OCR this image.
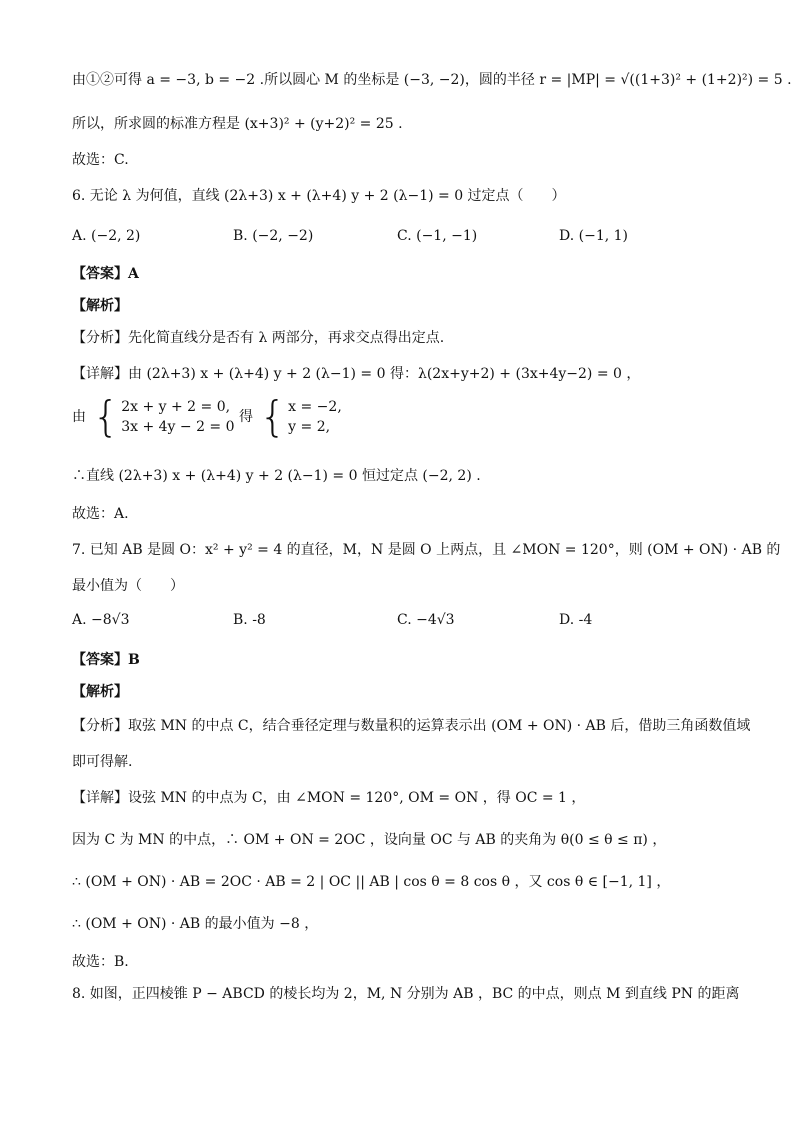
由①②可得 a = −3, b = −2 .所以圆心 M 的坐标是 (−3, −2)，圆的半径 r = |MP| = √((1+3)² + (1+2)²) = 5 .
所以，所求圆的标准方程是 (x+3)² + (y+2)² = 25 .
故选：C.
6. 无论 λ 为何值，直线 (2λ+3) x + (λ+4) y + 2 (λ−1) = 0 过定点（　　）
A. (−2, 2)	B. (−2, −2)	C. (−1, −1)	D. (−1, 1)
【答案】A
【解析】
【分析】先化简直线分是否有 λ 两部分，再求交点得出定点.
【详解】由 (2λ+3) x + (λ+4) y + 2 (λ−1) = 0 得：λ(2x+y+2) + (3x+4y−2) = 0 ，
由 { 2x + y + 2 = 0,
3x + 4y − 2 = 0
得 { x = −2,
y = 2,
∴直线 (2λ+3) x + (λ+4) y + 2 (λ−1) = 0 恒过定点 (−2, 2) .
故选：A.
7. 已知 AB 是圆 O：x² + y² = 4 的直径，M，N 是圆 O 上两点，且 ∠MON = 120°，则 (OM + ON) · AB 的
最小值为（　　）
A. −8√3	B. -8	C. −4√3	D. -4
【答案】B
【解析】
【分析】取弦 MN 的中点 C，结合垂径定理与数量积的运算表示出 (OM + ON) · AB 后，借助三角函数值域
即可得解.
【详解】设弦 MN 的中点为 C，由 ∠MON = 120°, OM = ON ，得 OC = 1 ，
因为 C 为 MN 的中点，∴ OM + ON = 2OC ，设向量 OC 与 AB 的夹角为 θ(0 ≤ θ ≤ π) ，
∴ (OM + ON) · AB = 2OC · AB = 2 | OC || AB | cos θ = 8 cos θ ，又 cos θ ∈ [−1, 1] ，
∴ (OM + ON) · AB 的最小值为 −8 ，
故选：B.
8. 如图，正四棱锥 P − ABCD 的棱长均为 2，M, N 分别为 AB ，BC 的中点，则点 M 到直线 PN 的距离
